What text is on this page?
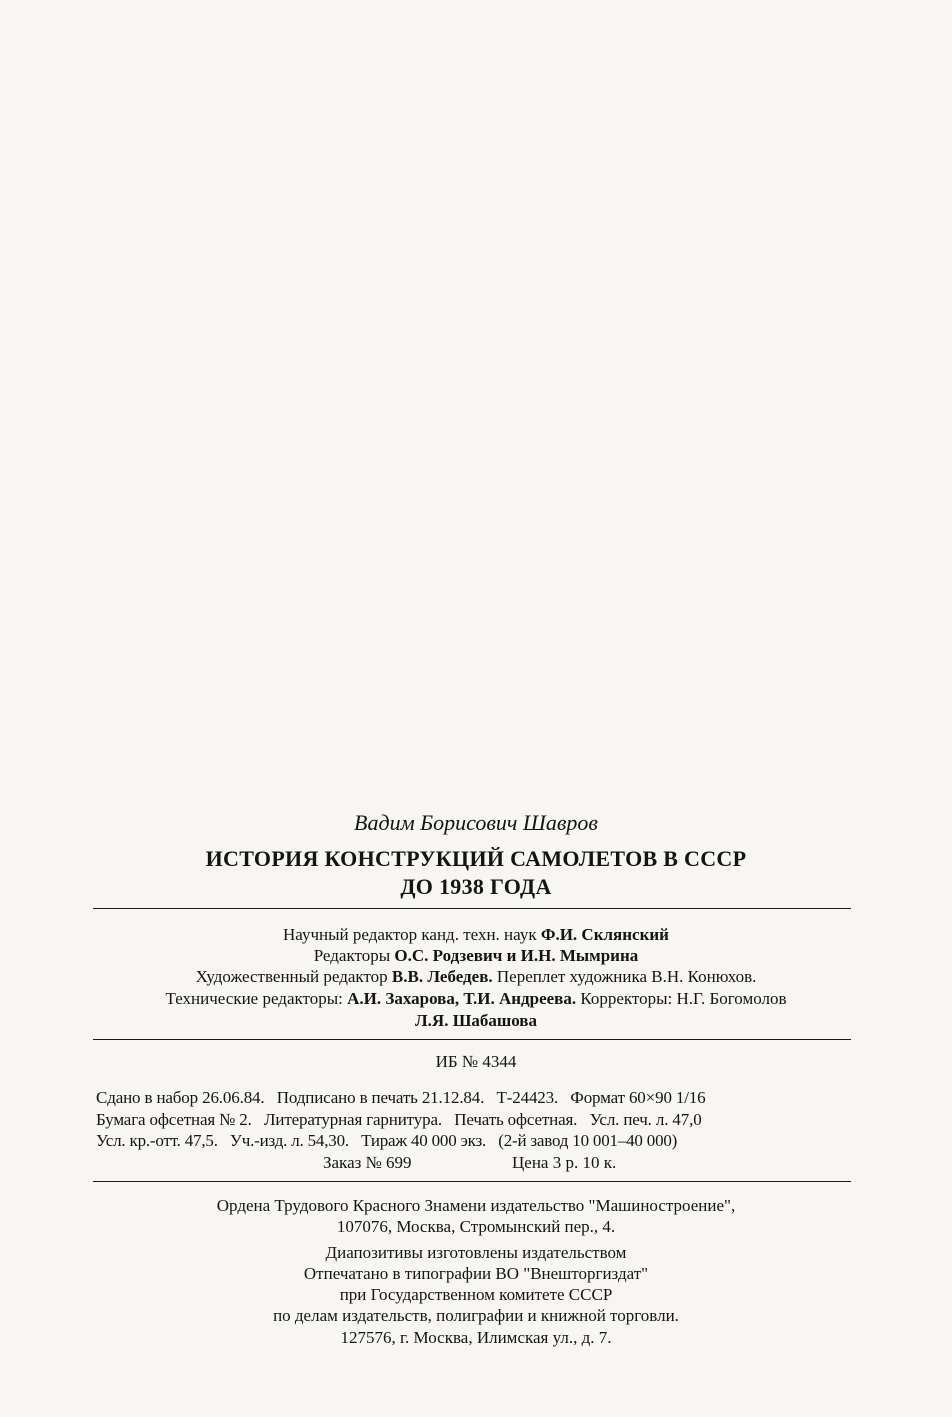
Вадим Борисович Шавров
ИСТОРИЯ КОНСТРУКЦИЙ САМОЛЕТОВ В СССР
ДО 1938 ГОДА
Научный редактор канд. техн. наук Ф.И. Склянский
Редакторы О.С. Родзевич и И.Н. Мымрина
Художественный редактор В.В. Лебедев. Переплет художника В.Н. Конюхов.
Технические редакторы: А.И. Захарова, Т.И. Андреева. Корректоры: Н.Г. Богомолов
Л.Я. Шабашова
ИБ № 4344
Сдано в набор 26.06.84.   Подписано в печать 21.12.84.   Т-24423.   Формат 60×90 1/16
Бумага офсетная № 2.   Литературная гарнитура.   Печать офсетная.   Усл. печ. л. 47,0
Усл. кр.-отт. 47,5.   Уч.-изд. л. 54,30.   Тираж 40 000 экз.   (2-й завод 10 001–40 000)
Заказ № 699	Цена 3 р. 10 к.
Ордена Трудового Красного Знамени издательство "Машиностроение",
107076, Москва, Стромынский пер., 4.
Диапозитивы изготовлены издательством
Отпечатано в типографии ВО "Внешторгиздат"
при Государственном комитете СССР
по делам издательств, полиграфии и книжной торговли.
127576, г. Москва, Илимская ул., д. 7.
